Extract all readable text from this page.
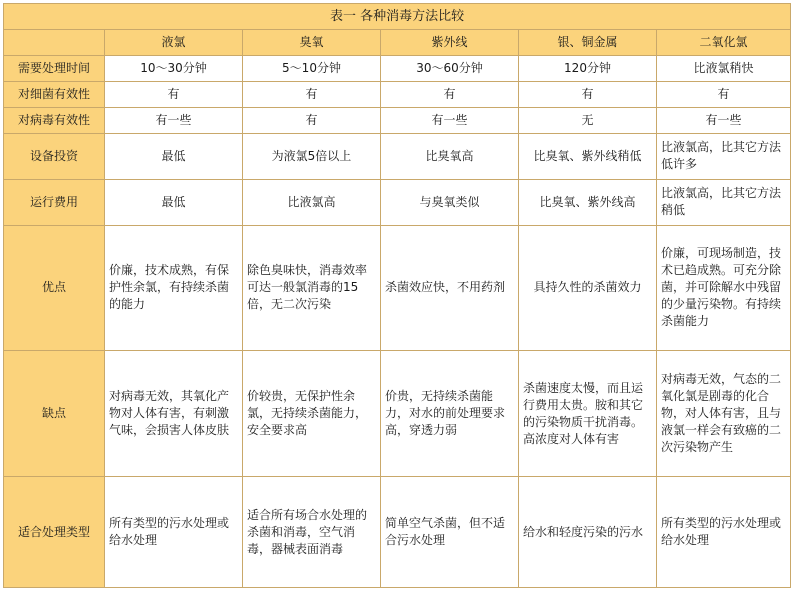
表一 各种消毒方法比较					
	液氯	臭氧	紫外线	银、铜金属	二氧化氯
需要处理时间	10～30分钟	5～10分钟	30～60分钟	120分钟	比液氯稍快
对细菌有效性	有	有	有	有	有
对病毒有效性	有一些	有	有一些	无	有一些
设备投资	最低	为液氯5倍以上	比臭氧高	比臭氧、紫外线稍低	比液氯高，比其它方法低许多
运行费用	最低	比液氯高	与臭氧类似	比臭氧、紫外线高	比液氯高，比其它方法稍低
优点	价廉，技术成熟，有保护性余氯，有持续杀菌的能力	除色臭味快，消毒效率可达一般氯消毒的15倍，无二次污染	杀菌效应快，不用药剂	具持久性的杀菌效力	价廉，可现场制造，技术已趋成熟。可充分除菌，并可除解水中残留的少量污染物。有持续杀菌能力
缺点	对病毒无效，其氧化产物对人体有害，有刺激气味，会损害人体皮肤	价较贵，无保护性余氯，无持续杀菌能力，安全要求高	价贵，无持续杀菌能力，对水的前处理要求高，穿透力弱	杀菌速度太慢，而且运行费用太贵。胺和其它的污染物质干扰消毒。高浓度对人体有害	对病毒无效，气态的二氧化氯是剧毒的化合物，对人体有害，且与液氯一样会有致癌的二次污染物产生
适合处理类型	所有类型的污水处理或给水处理	适合所有场合水处理的杀菌和消毒，空气消毒，器械表面消毒	简单空气杀菌，但不适合污水处理	给水和轻度污染的污水	所有类型的污水处理或给水处理
